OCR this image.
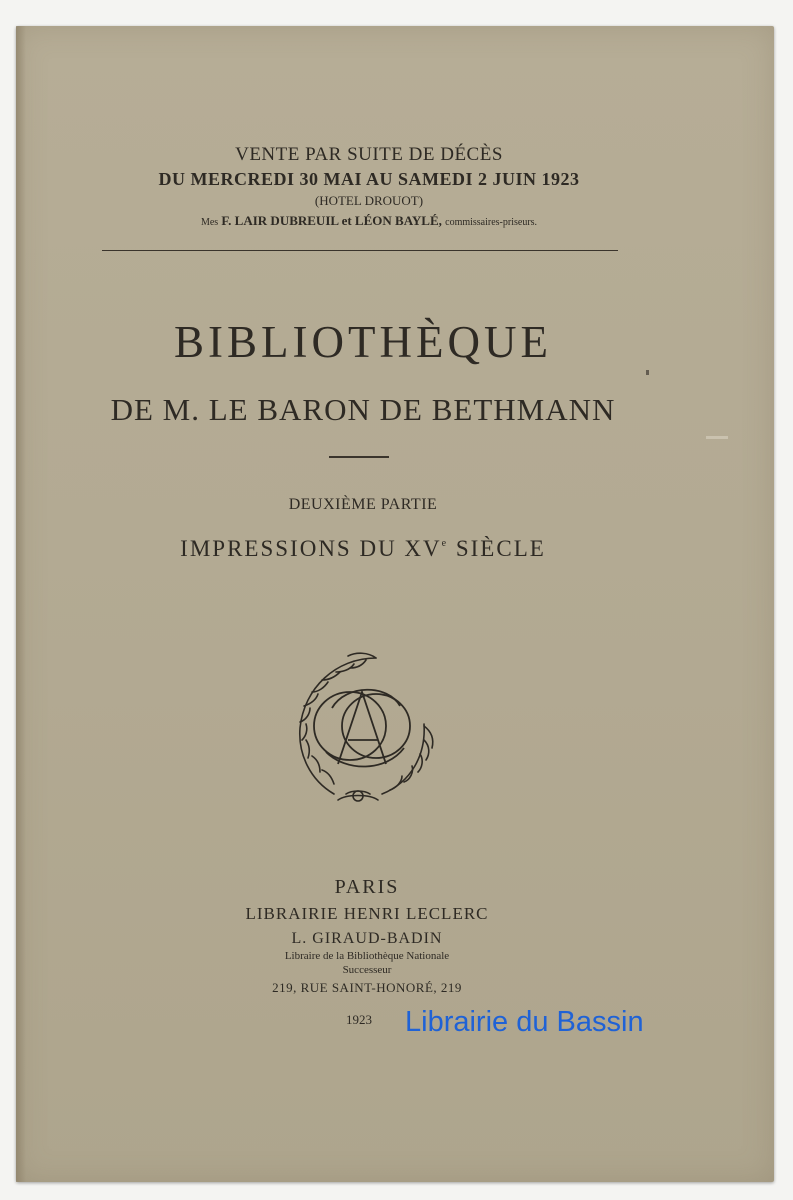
VENTE PAR SUITE DE DÉCÈS
DU MERCREDI 30 MAI AU SAMEDI 2 JUIN 1923
(HOTEL DROUOT)
Mes F. LAIR DUBREUIL et LÉON BAYLÉ, commissaires-priseurs.
BIBLIOTHÈQUE
DE M. LE BARON DE BETHMANN
DEUXIÈME PARTIE
IMPRESSIONS DU XVe SIÈCLE
PARIS
LIBRAIRIE HENRI LECLERC
L. GIRAUD-BADIN
Libraire de la Bibliothèque Nationale
Successeur
219, RUE SAINT-HONORÉ, 219
1923 Librairie du Bassin
